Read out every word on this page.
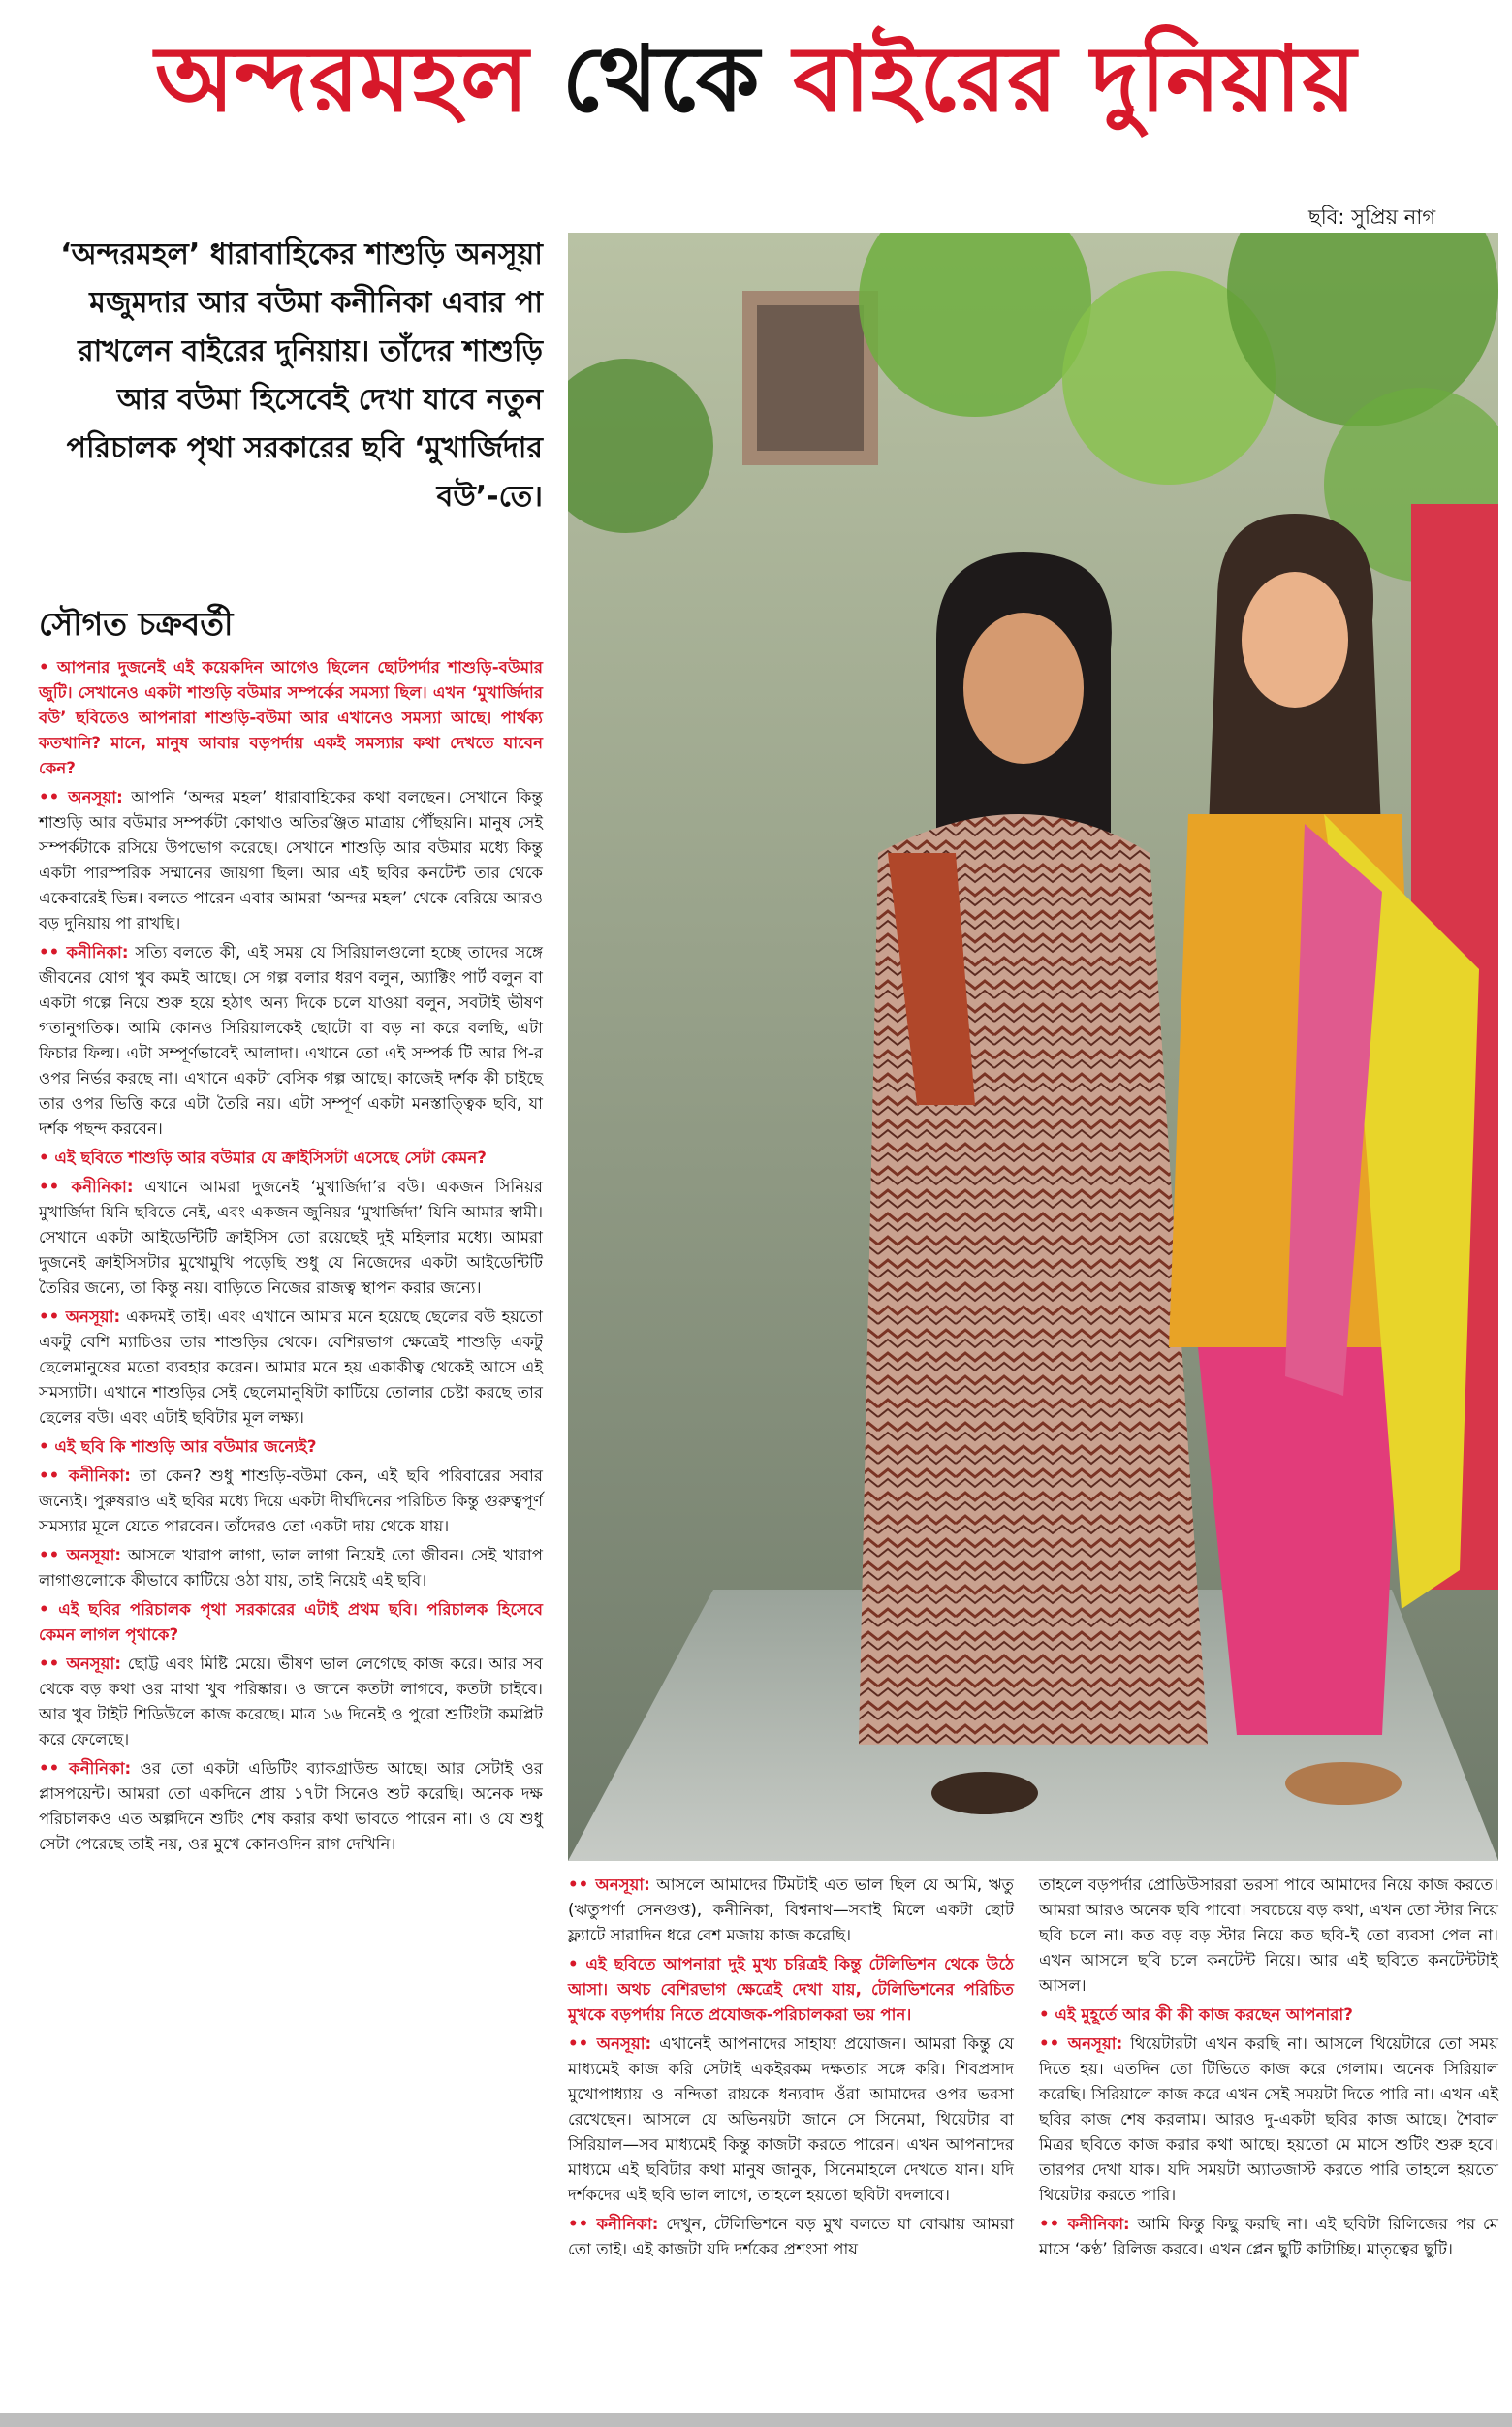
অন্দরমহল থেকে বাইরের দুনিয়ায়
ছবি: সুপ্রিয় নাগ
‘অন্দরমহল’ ধারাবাহিকের শাশুড়ি অনসূয়া মজুমদার আর বউমা কনীনিকা এবার পা রাখলেন বাইরের দুনিয়ায়। তাঁদের শাশুড়ি আর বউমা হিসেবেই দেখা যাবে নতুন পরিচালক পৃথা সরকারের ছবি ‘মুখার্জিদার বউ’-তে।
সৌগত চক্রবর্তী

• আপনার দুজনেই এই কয়েকদিন আগেও ছিলেন ছোটপর্দার শাশুড়ি-বউমার জুটি। সেখানেও একটা শাশুড়ি বউমার সম্পর্কের সমস্যা ছিল। এখন ‘মুখার্জিদার বউ’ ছবিতেও আপনারা শাশুড়ি-বউমা আর এখানেও সমস্যা আছে। পার্থক্য কতখানি? মানে, মানুষ আবার বড়পর্দায় একই সমস্যার কথা দেখতে যাবেন কেন?

•• অনসূয়া: আপনি ‘অন্দর মহল’ ধারাবাহিকের কথা বলছেন। সেখানে কিন্তু শাশুড়ি আর বউমার সম্পর্কটা কোথাও অতিরঞ্জিত মাত্রায় পৌঁছয়নি। মানুষ সেই সম্পর্কটাকে রসিয়ে উপভোগ করেছে। সেখানে শাশুড়ি আর বউমার মধ্যে কিন্তু একটা পারস্পরিক সম্মানের জায়গা ছিল। আর এই ছবির কনটেন্ট তার থেকে একেবারেই ভিন্ন। বলতে পারেন এবার আমরা ‘অন্দর মহল’ থেকে বেরিয়ে আরও বড় দুনিয়ায় পা রাখছি।

•• কনীনিকা: সত্যি বলতে কী, এই সময় যে সিরিয়ালগুলো হচ্ছে তাদের সঙ্গে জীবনের যোগ খুব কমই আছে। সে গল্প বলার ধরণ বলুন, অ্যাক্টিং পার্ট বলুন বা একটা গল্পে নিয়ে শুরু হয়ে হঠাৎ অন্য দিকে চলে যাওয়া বলুন, সবটাই ভীষণ গতানুগতিক। আমি কোনও সিরিয়ালকেই ছোটো বা বড় না করে বলছি, এটা ফিচার ফিল্ম। এটা সম্পূর্ণভাবেই আলাদা। এখানে তো এই সম্পর্ক টি আর পি-র ওপর নির্ভর করছে না। এখানে একটা বেসিক গল্প আছে। কাজেই দর্শক কী চাইছে তার ওপর ভিত্তি করে এটা তৈরি নয়। এটা সম্পূর্ণ একটা মনস্তাত্ত্বিক ছবি, যা দর্শক পছন্দ করবেন।

• এই ছবিতে শাশুড়ি আর বউমার যে ক্রাইসিসটা এসেছে সেটা কেমন?

•• কনীনিকা: এখানে আমরা দুজনেই ‘মুখার্জিদা’র বউ। একজন সিনিয়র মুখার্জিদা যিনি ছবিতে নেই, এবং একজন জুনিয়র ‘মুখার্জিদা’ যিনি আমার স্বামী। সেখানে একটা আইডেন্টিটি ক্রাইসিস তো রয়েছেই দুই মহিলার মধ্যে। আমরা দুজনেই ক্রাইসিসটার মুখোমুখি পড়েছি শুধু যে নিজেদের একটা আইডেন্টিটি তৈরির জন্যে, তা কিন্তু নয়। বাড়িতে নিজের রাজত্ব স্থাপন করার জন্যে।

•• অনসূয়া: একদমই তাই। এবং এখানে আমার মনে হয়েছে ছেলের বউ হয়তো একটু বেশি ম্যাচিওর তার শাশুড়ির থেকে। বেশিরভাগ ক্ষেত্রেই শাশুড়ি একটু ছেলেমানুষের মতো ব্যবহার করেন। আমার মনে হয় একাকীত্ব থেকেই আসে এই সমস্যাটা। এখানে শাশুড়ির সেই ছেলেমানুষিটা কাটিয়ে তোলার চেষ্টা করছে তার ছেলের বউ। এবং এটাই ছবিটার মূল লক্ষ্য।

• এই ছবি কি শাশুড়ি আর বউমার জন্যেই?

•• কনীনিকা: তা কেন? শুধু শাশুড়ি-বউমা কেন, এই ছবি পরিবারের সবার জন্যেই। পুরুষরাও এই ছবির মধ্যে দিয়ে একটা দীর্ঘদিনের পরিচিত কিন্তু গুরুত্বপূর্ণ সমস্যার মূলে যেতে পারবেন। তাঁদেরও তো একটা দায় থেকে যায়।

•• অনসূয়া: আসলে খারাপ লাগা, ভাল লাগা নিয়েই তো জীবন। সেই খারাপ লাগাগুলোকে কীভাবে কাটিয়ে ওঠা যায়, তাই নিয়েই এই ছবি।

• এই ছবির পরিচালক পৃথা সরকারের এটাই প্রথম ছবি। পরিচালক হিসেবে কেমন লাগল পৃথাকে?

•• অনসূয়া: ছোট্ট এবং মিষ্টি মেয়ে। ভীষণ ভাল লেগেছে কাজ করে। আর সব থেকে বড় কথা ওর মাথা খুব পরিষ্কার। ও জানে কতটা লাগবে, কতটা চাইবে। আর খুব টাইট শিডিউলে কাজ করেছে। মাত্র ১৬ দিনেই ও পুরো শুটিংটা কমপ্লিট করে ফেলেছে।

•• কনীনিকা: ওর তো একটা এডিটিং ব্যাকগ্রাউন্ড আছে। আর সেটাই ওর প্লাসপয়েন্ট। আমরা তো একদিনে প্রায় ১৭টা সিনেও শুট করেছি। অনেক দক্ষ পরিচালকও এত অল্পদিনে শুটিং শেষ করার কথা ভাবতে পারেন না। ও যে শুধু সেটা পেরেছে তাই নয়, ওর মুখে কোনওদিন রাগ দেখিনি।

•• অনসূয়া: আসলে আমাদের টিমটাই এত ভাল ছিল যে আমি, ঋতু (ঋতুপর্ণা সেনগুপ্ত), কনীনিকা, বিশ্বনাথ—সবাই মিলে একটা ছোট ফ্ল্যাটে সারাদিন ধরে বেশ মজায় কাজ করেছি।

• এই ছবিতে আপনারা দুই মুখ্য চরিত্রই কিন্তু টেলিভিশন থেকে উঠে আসা। অথচ বেশিরভাগ ক্ষেত্রেই দেখা যায়, টেলিভিশনের পরিচিত মুখকে বড়পর্দায় নিতে প্রযোজক-পরিচালকরা ভয় পান।

•• অনসূয়া: এখানেই আপনাদের সাহায্য প্রয়োজন। আমরা কিন্তু যে মাধ্যমেই কাজ করি সেটাই একইরকম দক্ষতার সঙ্গে করি। শিবপ্রসাদ মুখোপাধ্যায় ও নন্দিতা রায়কে ধন্যবাদ ওঁরা আমাদের ওপর ভরসা রেখেছেন। আসলে যে অভিনয়টা জানে সে সিনেমা, থিয়েটার বা সিরিয়াল—সব মাধ্যমেই কিন্তু কাজটা করতে পারেন। এখন আপনাদের মাধ্যমে এই ছবিটার কথা মানুষ জানুক, সিনেমাহলে দেখতে যান। যদি দর্শকদের এই ছবি ভাল লাগে, তাহলে হয়তো ছবিটা বদলাবে।

•• কনীনিকা: দেখুন, টেলিভিশনে বড় মুখ বলতে যা বোঝায় আমরা তো তাই। এই কাজটা যদি দর্শকের প্রশংসা পায়

তাহলে বড়পর্দার প্রোডিউসাররা ভরসা পাবে আমাদের নিয়ে কাজ করতে। আমরা আরও অনেক ছবি পাবো। সবচেয়ে বড় কথা, এখন তো স্টার নিয়ে ছবি চলে না। কত বড় বড় স্টার নিয়ে কত ছবি-ই তো ব্যবসা পেল না। এখন আসলে ছবি চলে কনটেন্ট নিয়ে। আর এই ছবিতে কনটেন্টটাই আসল।

• এই মুহূর্তে আর কী কী কাজ করছেন আপনারা?

•• অনসূয়া: থিয়েটারটা এখন করছি না। আসলে থিয়েটারে তো সময় দিতে হয়। এতদিন তো টিভিতে কাজ করে গেলাম। অনেক সিরিয়াল করেছি। সিরিয়ালে কাজ করে এখন সেই সময়টা দিতে পারি না। এখন এই ছবির কাজ শেষ করলাম। আরও দু-একটা ছবির কাজ আছে। শৈবাল মিত্রর ছবিতে কাজ করার কথা আছে। হয়তো মে মাসে শুটিং শুরু হবে। তারপর দেখা যাক। যদি সময়টা অ্যাডজাস্ট করতে পারি তাহলে হয়তো থিয়েটার করতে পারি।

•• কনীনিকা: আমি কিন্তু কিছু করছি না। এই ছবিটা রিলিজের পর মে মাসে ‘কণ্ঠ’ রিলিজ করবে। এখন প্লেন ছুটি কাটাচ্ছি। মাতৃত্বের ছুটি।
